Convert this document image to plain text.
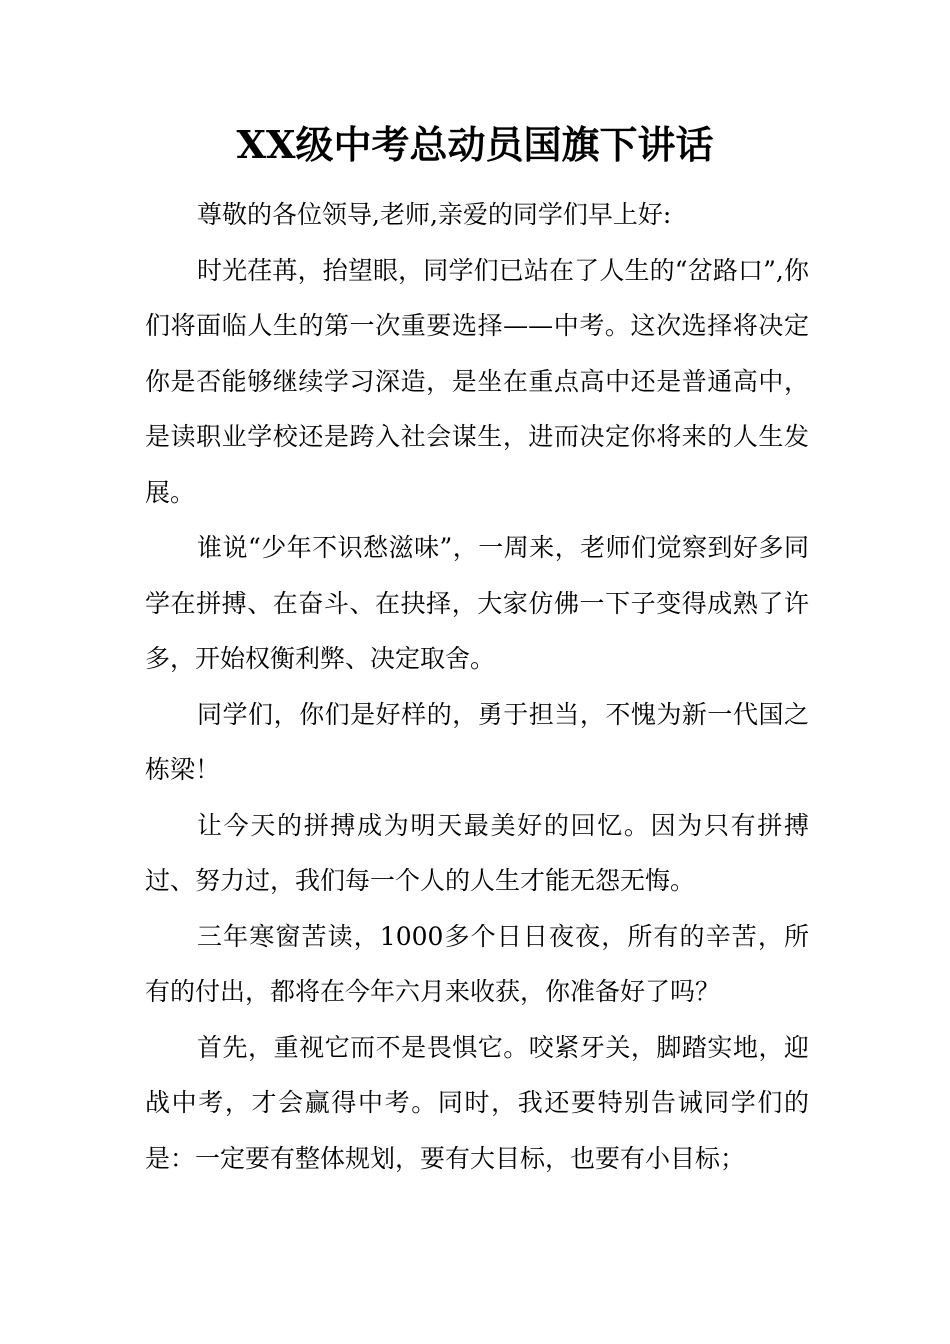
XX级中考总动员国旗下讲话

尊敬的各位领导,老师,亲爱的同学们早上好:

时光荏苒，抬望眼，同学们已站在了人生的“岔路口”,你们将面临人生的第一次重要选择——中考。这次选择将决定你是否能够继续学习深造，是坐在重点高中还是普通高中，是读职业学校还是跨入社会谋生，进而决定你将来的人生发展。

谁说“少年不识愁滋味”，一周来，老师们觉察到好多同学在拼搏、在奋斗、在抉择，大家仿佛一下子变得成熟了许多，开始权衡利弊、决定取舍。

同学们，你们是好样的，勇于担当，不愧为新一代国之栋梁！

让今天的拼搏成为明天最美好的回忆。因为只有拼搏过、努力过，我们每一个人的人生才能无怨无悔。

三年寒窗苦读，1000多个日日夜夜，所有的辛苦，所有的付出，都将在今年六月来收获，你准备好了吗？

首先，重视它而不是畏惧它。咬紧牙关，脚踏实地，迎战中考，才会赢得中考。同时，我还要特别告诫同学们的是：一定要有整体规划，要有大目标，也要有小目标；
